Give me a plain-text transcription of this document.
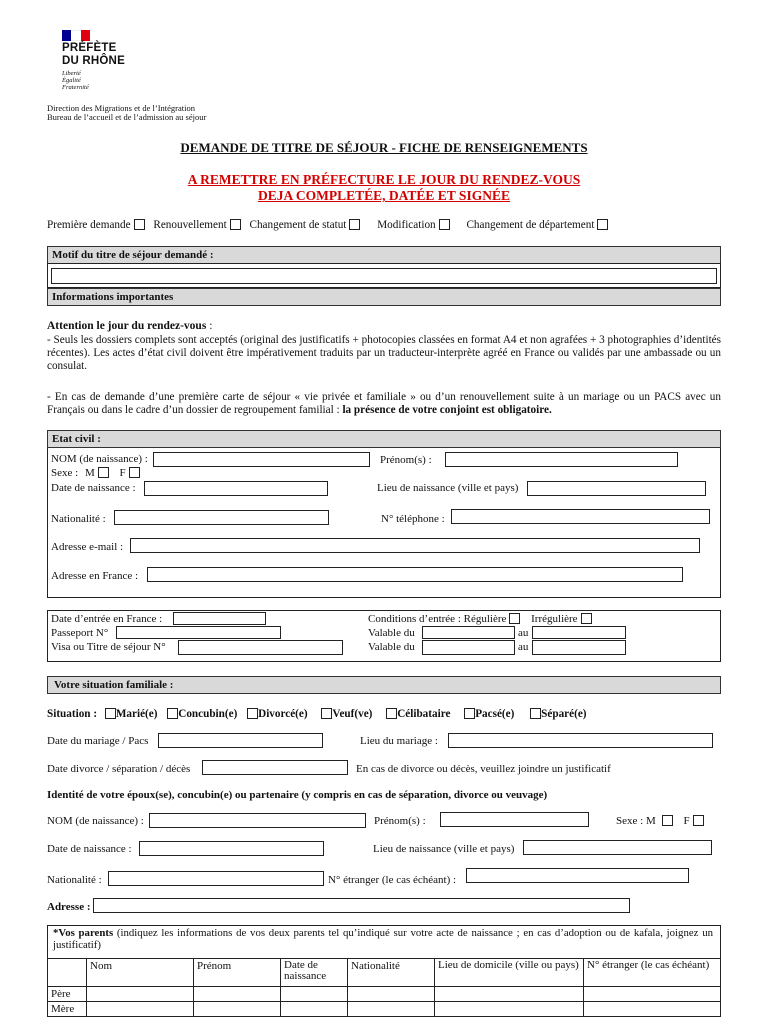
PRÉFÈTE
DU RHÔNE
Liberté
Égalité
Fraternité
Direction des Migrations et de l’Intégration
Bureau de l’accueil et de l’admission au séjour
DEMANDE DE TITRE DE SÉJOUR - FICHE DE RENSEIGNEMENTS
A REMETTRE EN PRÉFECTURE LE JOUR DU RENDEZ-VOUS
DEJA COMPLETÉE, DATÉE ET SIGNÉE
Première demande Renouvellement Changement de statut	Modification	Changement de département
Motif du titre de séjour demandé :
Informations importantes
Attention le jour du rendez-vous :
- Seuls les dossiers complets sont acceptés (original des justificatifs + photocopies classées en format A4 et non agrafées + 3 photographies d’identités récentes). Les actes d’état civil doivent être impérativement traduits par un traducteur-interprète agréé en France ou validés par une ambassade ou un consulat.
- En cas de demande d’une première carte de séjour « vie privée et familiale » ou d’un renouvellement suite à un mariage ou un PACS avec un Français ou dans le cadre d’un dossier de regroupement familial : la présence de votre conjoint est obligatoire.
Etat civil :
NOM (de naissance) :	Prénom(s) :
Sexe : M F
Date de naissance :	Lieu de naissance (ville et pays)
Nationalité :	N° téléphone :
Adresse e-mail :
Adresse en France :
Date d’entrée en France :	Conditions d’entrée : Régulière Irrégulière
Passeport N°	Valable du	au
Visa ou Titre de séjour N°	Valable du	au
Votre situation familiale :
Situation : Marié(e) Concubin(e) Divorcé(e) Veuf(ve) Célibataire Pacsé(e) Séparé(e)
Date du mariage / Pacs	Lieu du mariage :
Date divorce / séparation / décès	En cas de divorce ou décès, veuillez joindre un justificatif
Identité de votre époux(se), concubin(e) ou partenaire (y compris en cas de séparation, divorce ou veuvage)
NOM (de naissance) :	Prénom(s) :	Sexe : M	F
Date de naissance :	Lieu de naissance (ville et pays)
Nationalité :	N° étranger (le cas échéant) :
Adresse :
*Vos parents (indiquez les informations de vos deux parents tel qu’indiqué sur votre acte de naissance ; en cas d’adoption ou de kafala, joignez un justificatif)
	Nom	Prénom	Date de naissance	Nationalité	Lieu de domicile (ville ou pays)	N° étranger (le cas échéant)
Père						
Mère						
